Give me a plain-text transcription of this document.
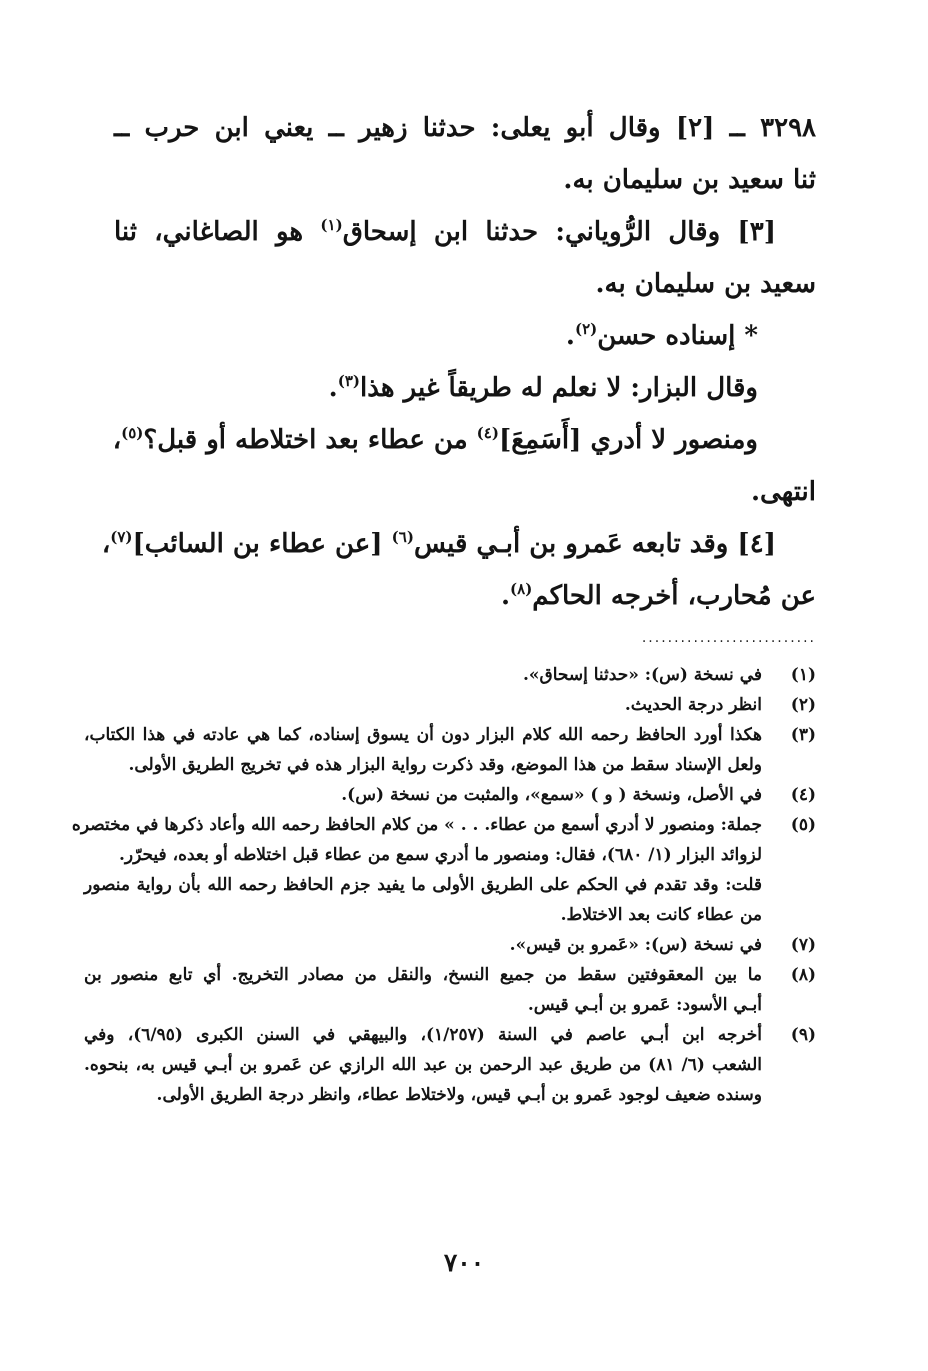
٣٢٩٨ ــ [٢] وقال أبو يعلى: حدثنا زهير ــ يعني ابن حرب ــ
ثنا سعيد بن سليمان به.
[٣] وقال الرُّوياني: حدثنا ابن إسحاق$^{(١)}$ هو الصاغاني، ثنا
سعيد بن سليمان به.
* إسناده حسن$^{(٢)}$.
وقال البزار: لا نعلم له طريقاً غير هذا$^{(٣)}$.
ومنصور لا أدري [أَسَمِعَ]$^{(٤)}$ من عطاء بعد اختلاطه أو قبل؟$^{(٥)}$،
انتهى.
[٤] وقد تابعه عَمرو بن أبـي قيس$^{(٦)}$ [عن عطاء بن السائب]$^{(٧)}$،
عن مُحارب، أخرجه الحاكم$^{(٨)}$.
...........................
(١)
في نسخة (س): «حدثنا إسحاق».
(٢)
انظر درجة الحديث.
(٣)
هكذا أورد الحافظ رحمه الله كلام البزار دون أن يسوق إسناده، كما هي عادته في هذا الكتاب،
ولعل الإسناد سقط من هذا الموضع، وقد ذكرت رواية البزار هذه في تخريج الطريق الأولى.
(٤)
في الأصل، ونسخة ( و ) «سمع»، والمثبت من نسخة (س).
(٥)
جملة: ومنصور لا أدري أسمع من عطاء. . . » من كلام الحافظ رحمه الله وأعاد ذكرها في مختصره
لزوائد البزار (١/ ٦٨٠)، فقال: ومنصور ما أدري سمع من عطاء قبل اختلاطه أو بعده، فيحرّر.
قلت: وقد تقدم في الحكم على الطريق الأولى ما يفيد جزم الحافظ رحمه الله بأن رواية منصور
من عطاء كانت بعد الاختلاط.
(٧)
في نسخة (س): «عَمرو بن قيس».
(٨)
ما بين المعقوفتين سقط من جميع النسخ، والنقل من مصادر التخريج. أي تابع منصور بن
أبـي الأسود: عَمرو بن أبـي قيس.
(٩)
أخرجه ابن أبـي عاصم في السنة (١/٢٥٧)، والبيهقي في السنن الكبرى (٦/٩٥)، وفي
الشعب (٦/ ٨١) من طريق عبد الرحمن بن عبد الله الرازي عن عَمرو بن أبـي قيس به، بنحوه.
وسنده ضعيف لوجود عَمرو بن أبـي قيس، ولاختلاط عطاء، وانظر درجة الطريق الأولى.
٧٠٠
